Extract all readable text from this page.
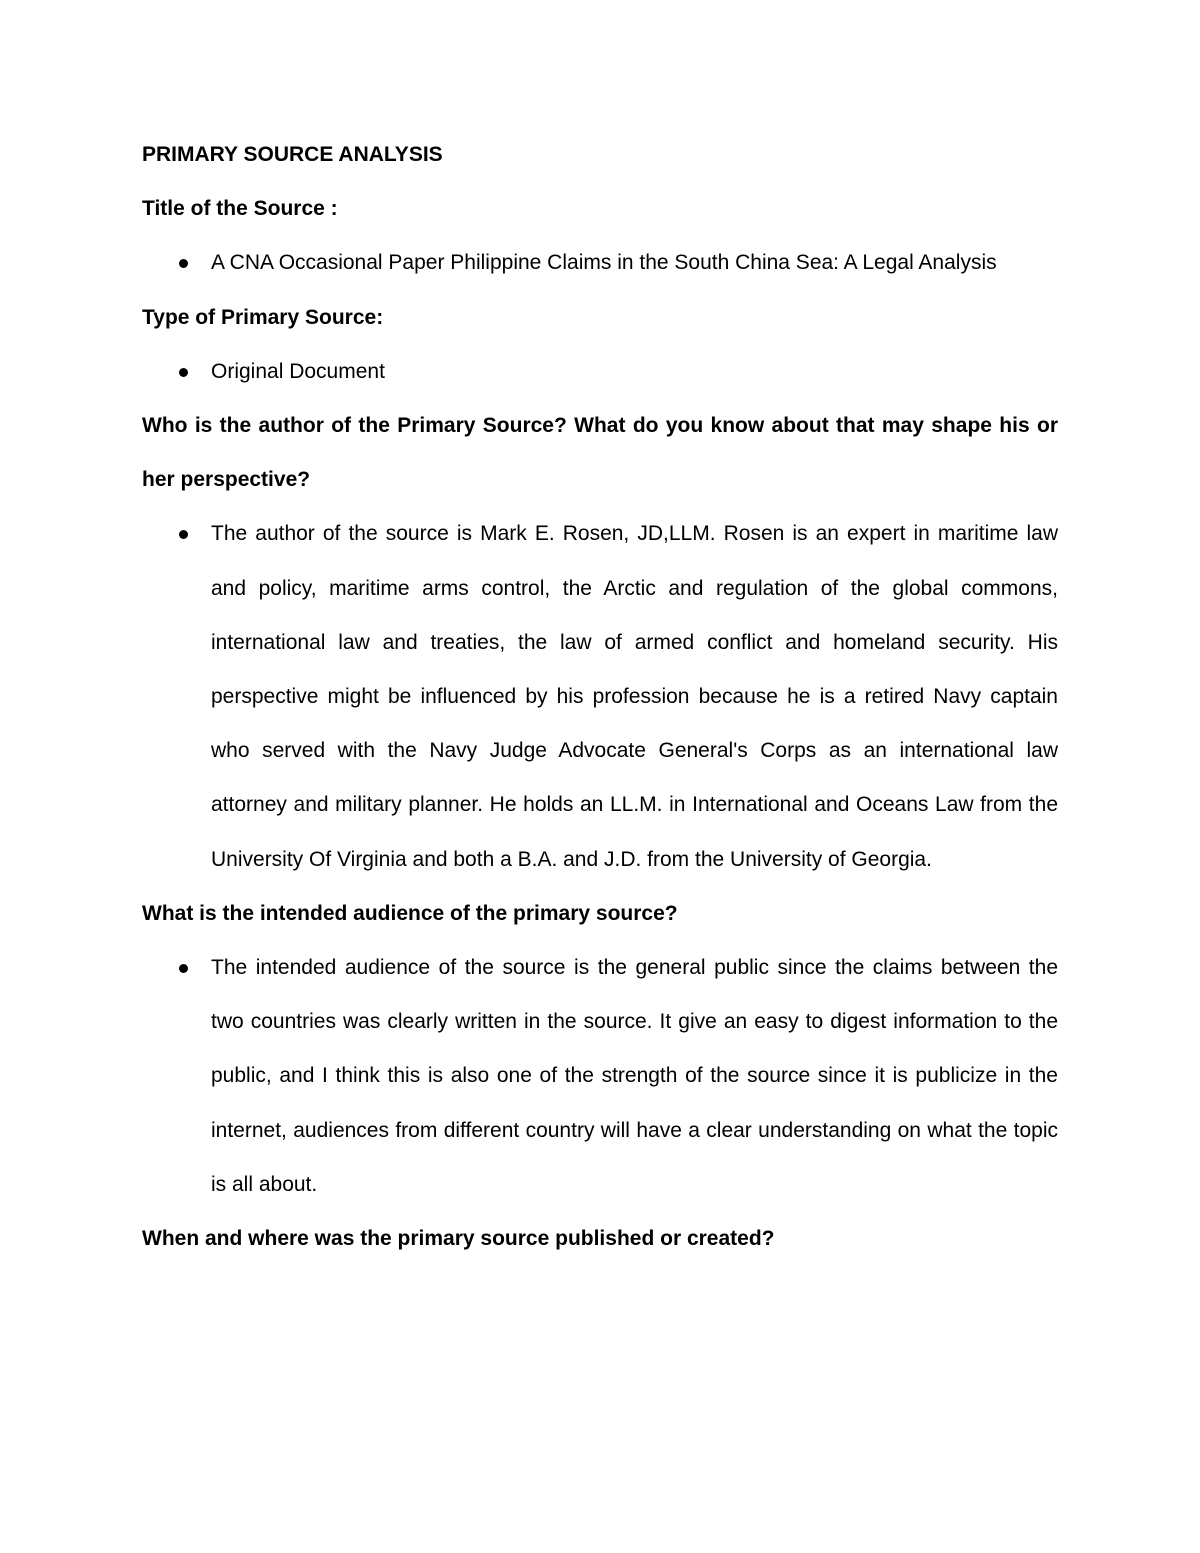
PRIMARY SOURCE ANALYSIS

Title of the Source :

A CNA Occasional Paper Philippine Claims in the South China Sea: A Legal Analysis

Type of Primary Source:

Original Document

Who is the author of the Primary Source? What do you know about that may shape his or her perspective?

The author of the source is Mark E. Rosen, JD,LLM. Rosen is an expert in maritime law and policy, maritime arms control, the Arctic and regulation of the global commons, international law and treaties, the law of armed conflict and homeland security. His perspective might be influenced by his profession because he is a retired Navy captain who served with the Navy Judge Advocate General's Corps as an international law attorney and military planner. He holds an LL.M. in International and Oceans Law from the University Of Virginia and both a B.A. and J.D. from the University of Georgia.

What is the intended audience of the primary source?

The intended audience of the source is the general public since the claims between the two countries was clearly written in the source. It give an easy to digest information to the public, and I think this is also one of the strength of the source since it is publicize in the internet, audiences from different country will have a clear understanding on what the topic is all about.

When and where was the primary source published or created?
